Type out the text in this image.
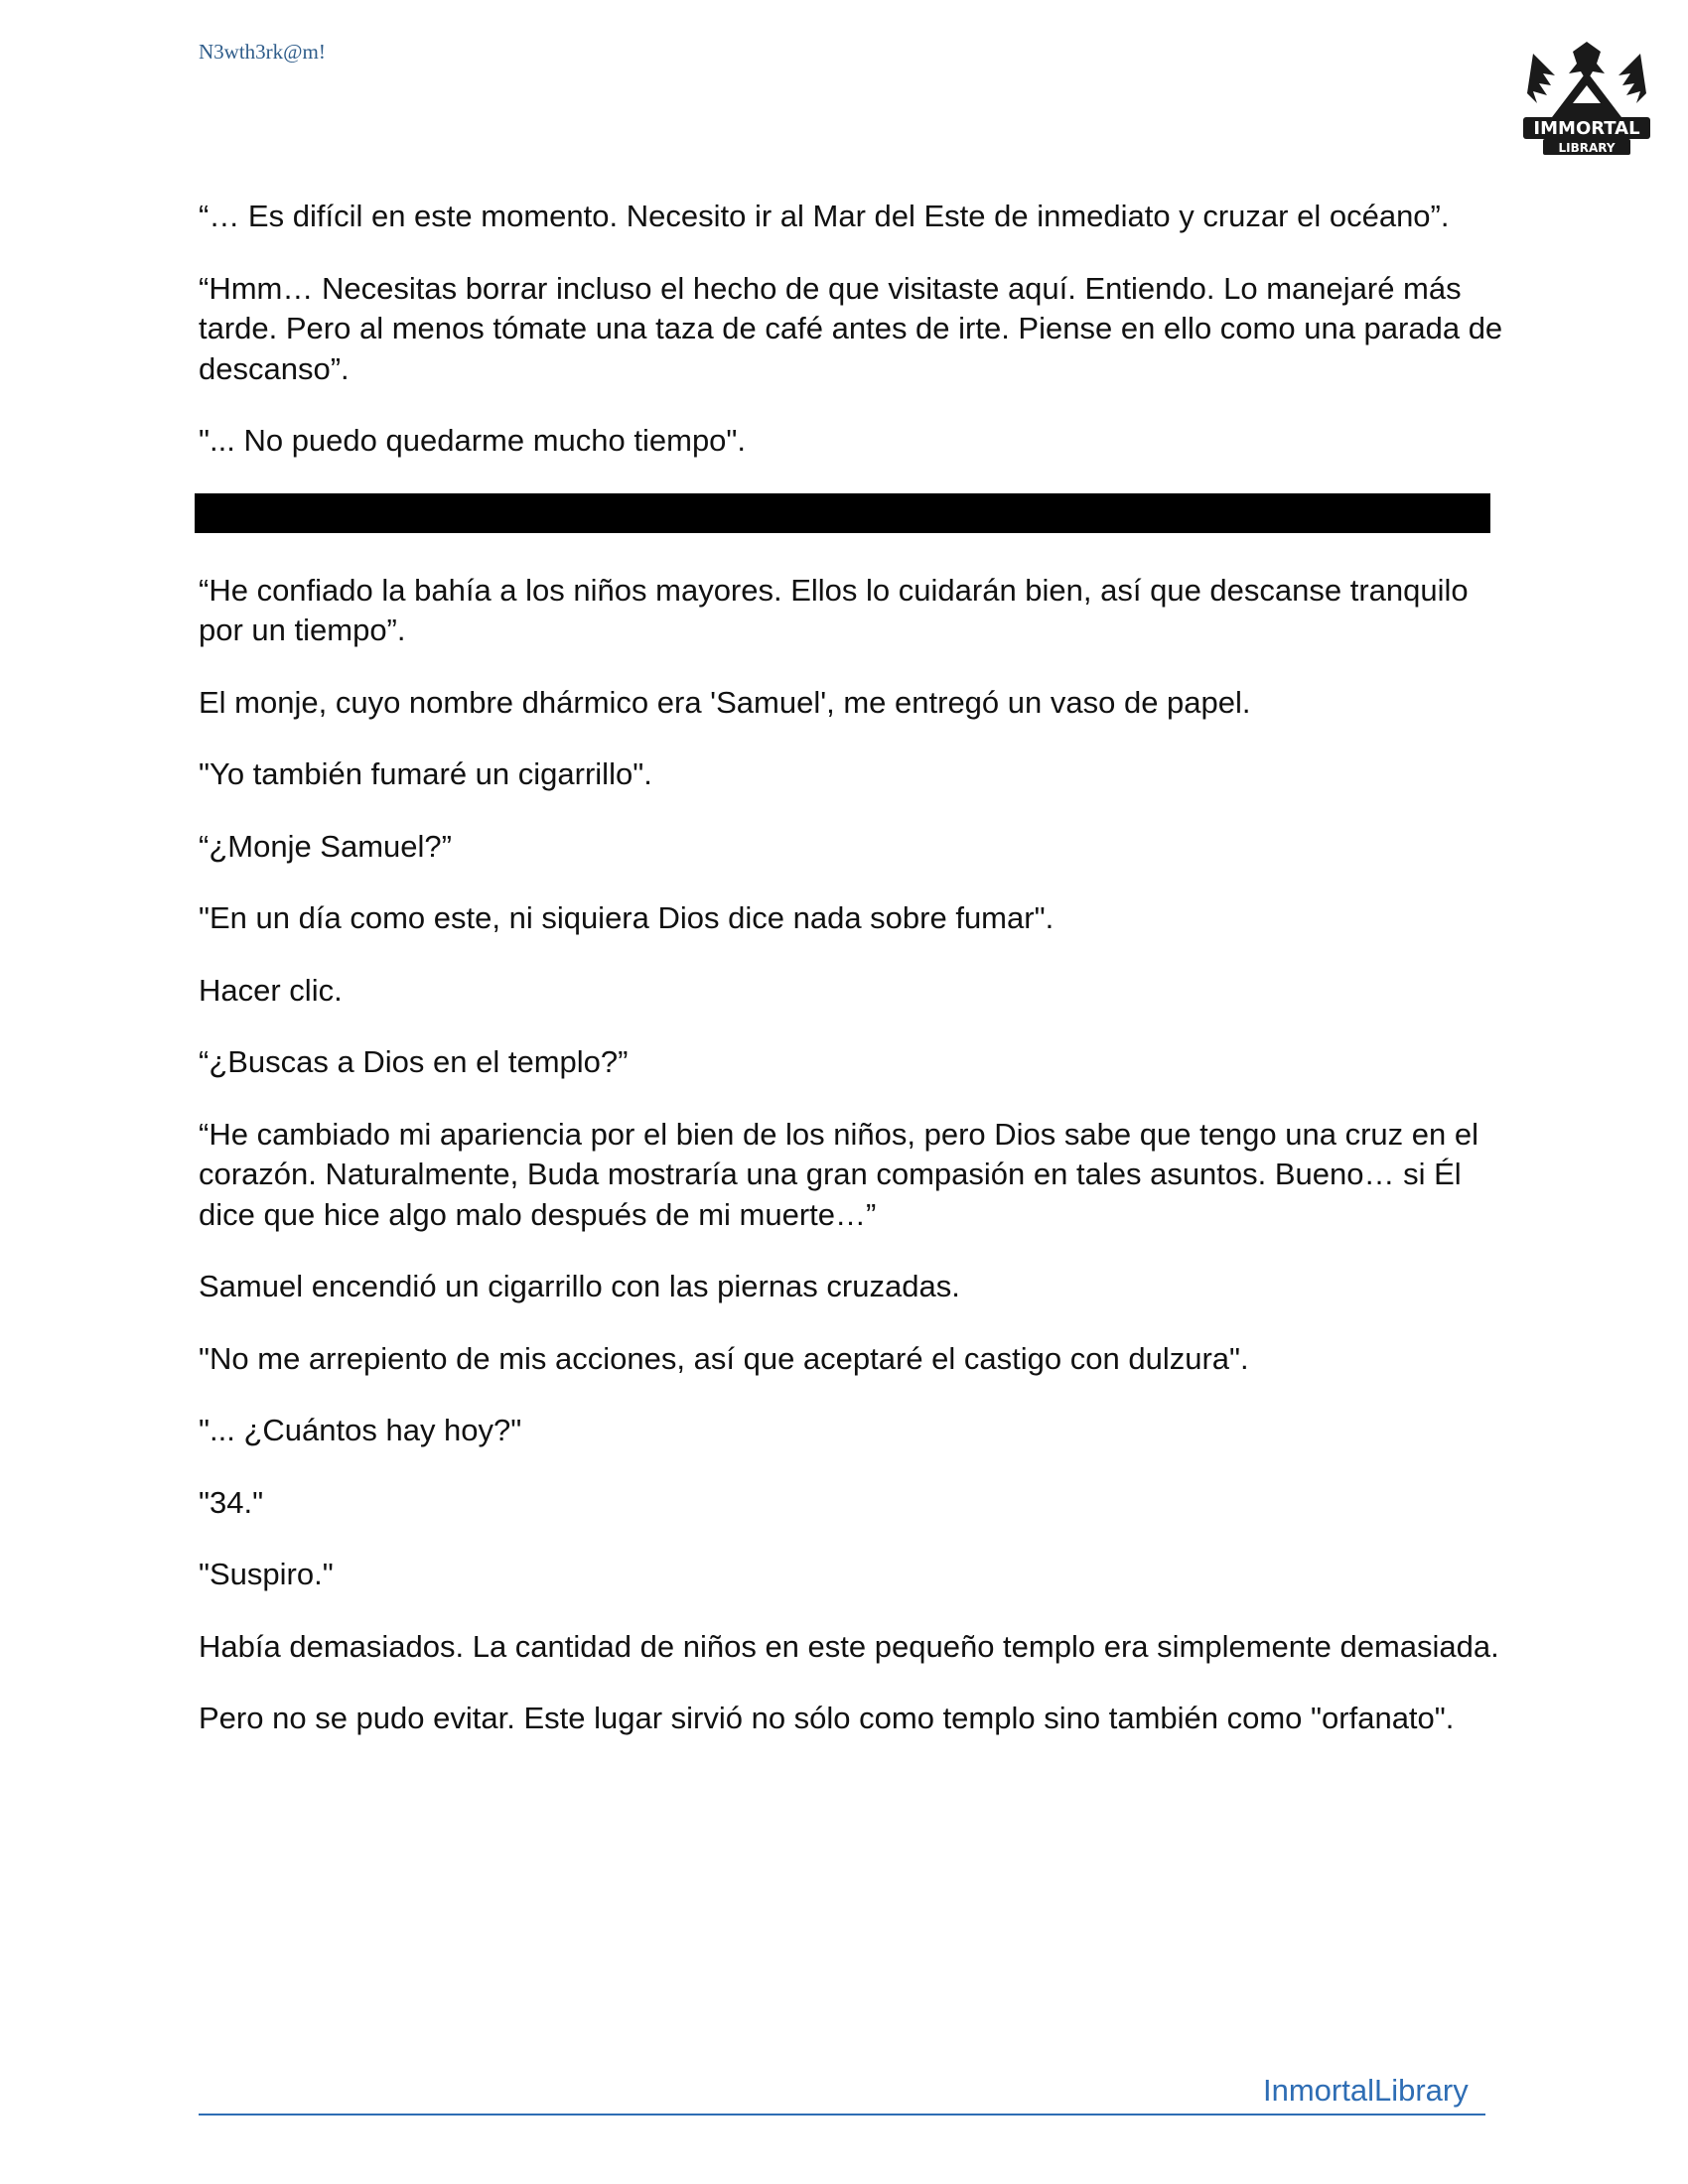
N3wth3rk@m!
IMMORTAL
LIBRARY

“… Es difícil en este momento. Necesito ir al Mar del Este de inmediato y cruzar el océano”.

“Hmm… Necesitas borrar incluso el hecho de que visitaste aquí. Entiendo. Lo manejaré más tarde. Pero al menos tómate una taza de café antes de irte. Piense en ello como una parada de descanso”.

"... No puedo quedarme mucho tiempo".

“He confiado la bahía a los niños mayores. Ellos lo cuidarán bien, así que descanse tranquilo por un tiempo”.

El monje, cuyo nombre dhármico era 'Samuel', me entregó un vaso de papel.

"Yo también fumaré un cigarrillo".

“¿Monje Samuel?”

"En un día como este, ni siquiera Dios dice nada sobre fumar".

Hacer clic.

“¿Buscas a Dios en el templo?”

“He cambiado mi apariencia por el bien de los niños, pero Dios sabe que tengo una cruz en el corazón. Naturalmente, Buda mostraría una gran compasión en tales asuntos. Bueno… si Él dice que hice algo malo después de mi muerte…”

Samuel encendió un cigarrillo con las piernas cruzadas.

"No me arrepiento de mis acciones, así que aceptaré el castigo con dulzura".

"... ¿Cuántos hay hoy?"

"34."

"Suspiro."

Había demasiados. La cantidad de niños en este pequeño templo era simplemente demasiada.

Pero no se pudo evitar. Este lugar sirvió no sólo como templo sino también como "orfanato".

InmortalLibrary
